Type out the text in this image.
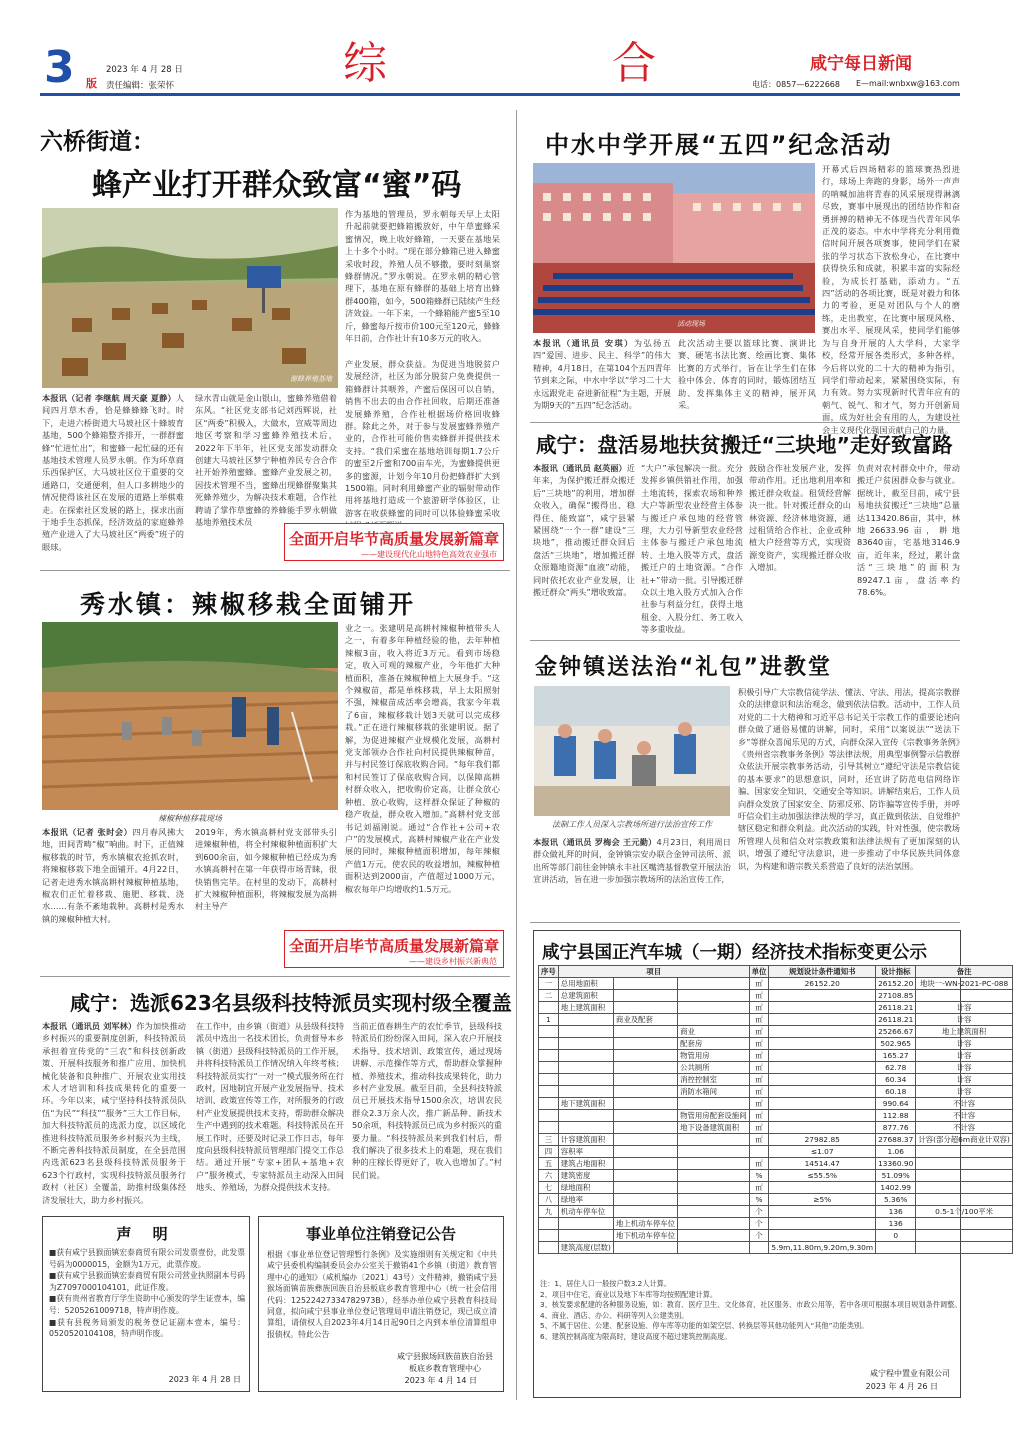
3 版
2023 年 4 月 28 日
责任编辑：张荣怀	综	合	咸宁每日新闻
电话：0857—6222668 E—mail:wnbxw@163.com
六桥街道：
蜂产业打开群众致富“蜜”码
谢蜂养殖基地
本报讯（记者 李继航 周天豪 夏静）人间四月草木香，恰是蜂蜂蜂飞时。时下，走进六桥街道大马坡社区十蜂坡育基地，500个蜂箱整齐排开，一群群蜜蜂“忙进忙出”，和蜜蜂一起忙碌的还有基地技术管理人员罗永朝。作为环草商乐西保护区，大马坡社区位于重要的交通路口，交通便利，但人口多耕地少的情况使得该社区在发展的道路上举棋难走。在探索社区发展的路上，探求出面于地手生态抓保，经济效益的家庭蜂养殖产业进入了大马坡社区“两委”班子的眼球。
绿水青山就是金山银山，蜜蜂养殖借着东风。“社区党支部书记刘西辉说，社区“两委”积极入，大做水，宣威等周边地区考察和学习蜜蜂养殖技术后，2022年下半年，社区党支部发动群众创建大马坡社区梦宁种植养民专合合作社开始养殖蜜蜂。蜜蜂产业发展之初，因技术管理不当，蜜蜂出现蜂群聚集其死蜂养殖少，为解决技术难题，合作社聘请了掌作草蜜蜂的养蜂能手罗永朝做基地养殖技术员
作为基地的管理员，罗永朝每天早上太阳升起前就要把蜂箱搬放好，中午草蜜蜂采蜜情况，晚上收好蜂箱，一天要在基地呆上十多个小时。“现在部分蜂箱已进入蜂蜜采收时段，养殖人员不够撒，要时刻巢察蜂群情况。”罗永朝说。在罗永朝的精心管理下，基地在原有蜂群的基础上培育出蜂群400箱，如今，500箱蜂群已陆续产生经济效益。一年下来，一个蜂箱能产蜜5至10斤，蜂蜜每斤按市价100元至120元，蜂蜂年日前，合作社计有10多万元的收入。
产业发展，群众获益。为促进当地脱贫户发展经济，社区为部分脱贫户免费提供一箱蜂群计其喂养，产蜜后保因可以自销，销售不出去的由合作社回收，后期还准备发展蜂养殖，合作社根据场价格回收蜂群。除此之外，对于参与发展蜜蜂养殖产业的，合作社可能价售卖蜂群并提供技术支持。“我们采蜜在基地培训每期1.7公斤的蜜至2斤蜜和700亩车光，为蜜蜂提供更多的蜜源，计划今年10月份把蜂群扩大到1500箱。同时利用蜂蜜产业的辐射带动作用将基地打造成一个旅游研学体验区，让游客在收获蜂蜜的同时可以体验蜂蜜采收
全面开启毕节高质量发展新篇章
——建设现代化山地特色高效农业强市
秀水镇：辣椒移栽全面铺开
辣椒种植移栽现场
本报讯（记者 张时会）四月春风拂大地，田间青畴“椒”响曲。时下，正值辣椒移栽的时节，秀水镇椒农抢抓农时，将辣椒移栽下地全面铺开。4月22日，记者走进秀水镇高耕村辣椒种植基地，椒农们正忙着移栽、施肥、移栽、浇水……有条不紊地栽种。高耕村是秀水镇的辣椒种植大村。
2019年，秀水镇高耕村党支部带头引进辣椒种植，将全村辣椒种植面积扩大到600余亩，如今辣椒种植已经成为秀水镇高耕村在第一年获得市场青睐，很快销售完毕。在村里的发动下，高耕村扩大辣椒种植面积，将辣椒发展为高耕村主导产
业之一。张建明是高耕村辣椒种植带头人之一，有着多年种植经验的他，去年种植辣椒3亩，收入将近3万元。看到市场稳定，收入可观的辣椒产业，今年他扩大种植面积，准备在辣椒种植上大展身手。“这个辣椒苗，都是单株移栽，早上太阳照射不强，辣椒苗成活率会增高，我家今年栽了6亩，辣椒移栽计划3天就可以完成移栽。”正在进行辣椒移栽的张建明说。据了解，为促进辣椒产业规模化发展，高耕村党支部领办合作社向村民提供辣椒种苗，并与村民签订保底收购合同。“每年我们都和村民签订了保底收购合同，以保障高耕村群众收入，把收购价定高，让群众放心种植、放心收购，这样群众保证了种椒的稳产收益，群众收入增加。”高耕村党支部书记刘福刚说。通过“合作社+公司+农户”的发展模式，高耕村辣椒产业在产业发展的同时，辣椒种植面积增加，每年辣椒产值1万元，使农民的收益增加，辣椒种植面积达到2000亩，产值超过1000万元，椒农每年户均增收约1.5万元。
全面开启毕节高质量发展新篇章
——建设乡村振兴新典范
咸宁：选派623名县级科技特派员实现村级全覆盖
本报讯（通讯员 刘军林）作为加快推动乡村振兴的重要制度创新，科技特派员承担着宣传党的“三农”和科技创新政策、开展科技服务和推广应用、加快机械化装备和良种推广、开展农业实用技术人才培训和科技成果转化的重要一环。今年以来，咸宁坚持科技特派员队伍“为民”“科技”“服务”三大工作目标，加大科技特派员的选派力度，以区域化推进科技特派员服务乡村振兴为主线，不断完善科技特派员制度，在全县范围内选派623名县级科技特派员服务于623个行政村，实现科技特派员服务行政村（社区）全覆盖，助推村级集体经济发展壮大，助力乡村振兴。
在工作中，由乡镇（街道）从县级科技特派员中选出一名技术团长，负责督导本乡镇（街道）县级科技特派员的工作开展，并将科技特派员工作情况纳入年终考核；科技特派员实行“一对一”模式服务所在行政村，因地制宜开展产业发展指导、技术培训、政策宣传等工作，对所服务的行政村产业发展提供技术支持，帮助群众解决生产中遇到的技术难题。科技特派员在开展工作时，还要及时记录工作日志，每年度向县级科技特派员管理部门提交工作总结。通过开展“专家+团队+基地+农户”服务模式，专家特派员主动深入田间地头、养殖场，为群众提供技术支持。
当前正值春耕生产的农忙季节，县级科技特派员们纷纷深入田间，深入农户开展技术指导、技术培训、政策宣传，通过现场讲解、示范操作等方式，帮助群众掌握种植、养殖技术，推动科技成果转化，助力乡村产业发展。截至目前，全县科技特派员已开展技术指导1500余次，培训农民群众2.3万余人次，推广新品种、新技术50余项，科技特派员已成为乡村振兴的重要力量。“科技特派员来到我们村后，帮我们解决了很多技术上的难题，现在我们种的庄稼长得更好了，收入也增加了。”村民们说。
声 明
■获有咸宁县猴面镇宏泰商贸有限公司发票壹份，此发票号码为0000015，金额为1万元，此票作废。
■获有咸宁县猴面镇宏泰商贸有限公司营业执照副本号码为Z7097000104101，此证作废。
■获有贵州省教育厅学生资助中心颁发的学生证壹本，编号：5205261009718，特声明作废。
■获有县税务局颁发的税务登记证副本壹本，编号：0520520104108，特声明作废。
2023 年 4 月 28 日
事业单位注销登记公告
根据《事业单位登记管理暂行条例》及实施细则有关规定和《中共咸宁县委机构编制委员会办公室关于撤销41个乡镇（街道）教育管理中心的通知》（咸机编办〔2021〕43号）文件精神，撤销咸宁县猴场面镇苗族彝族回族自治县板底乡教育管理中心（统一社会信用代码：12522427334782973B），经举办单位咸宁县教育科技局同意，拟向咸宁县事业单位登记管理局申请注销登记，现已成立清算组，请债权人自2023年4月14日起90日之内到本单位清算组申报债权。特此公告
咸宁县猴场回族苗族自治县
板底乡教育管理中心
2023 年 4 月 14 日
中水中学开展“五四”纪念活动
活动现场
本报讯（通讯员 安琪）为弘扬五四“爱国、进步、民主、科学”的伟大精神，4月18日，在第104个五四青年节到来之际，中水中学以“学习二十大 永远跟党走 奋进新征程”为主题，开展为期9天的“五四”纪念活动。
此次活动主要以篮球比赛、演讲比赛、硬笔书法比赛、绘画比赛、集体比赛的方式举行，旨在让学生们在体验中体会、体育的同时，锻炼团结互助、发挥集体主义的精神，展开风采。
开幕式后四场精彩的篮球赛热烈进行，球场上奔跑的身影，场外一声声的呐喊加油将青春的风采展现得淋漓尽致，赛事中展现出的团结协作和奋勇拼搏的精神无不体现当代青年风华正茂的姿态。中水中学将充分利用微信时间开展各项赛事，使同学们在紧张的学习状态下放松身心，在比赛中获得快乐和成就，积累丰富的实际经验，为成长打基础，添动力。“五四”活动的各项比赛，既是对毅力和体力的考验，更是对团队与个人的磨练，走出教室，在比赛中展现风格、赛出水平、展现风采，使同学们能够为与自身开展的人大学科，大家学校，经常开展各类形式，多种各样，今后将以党的二十大的精神为指引，同学们带动起来，紧紧围绕实际，有力有效。努力实现新时代青年应有的朝气、锐气、和才气，努力开创新局面，成为好社会有用的人，为建设社会主义现代化强国贡献自己的力量。
咸宁：盘活易地扶贫搬迁“三块地”走好致富路
本报讯（通讯员 赵英丽）近年来，为保护搬迁群众搬迁后“三块地”的利用，增加群众收入，确保“搬得出、稳得住、能致富”，咸宁县紧紧围绕“一个一群”建设“三块地”，推动搬迁群众回后盘活“三块地”，增加搬迁群众原籍地资源“血液”动能，同时依托农业产业发展，让搬迁群众“两头”增收致富。
“大户”承包解决一批。充分发挥乡镇供销社作用，加强土地流转，探索农场和种养大户等新型农业经营主体参与搬迁户承包地的经营管理，大力引导新型农业经营主体参与搬迁户承包地流转、土地入股等方式，盘活搬迁户的土地资源。“合作社+”带动一批。引导搬迁群众以土地入股方式加入合作社参与利益分红，获得土地租金、入股分红、务工收入等多重收益。
鼓励合作社发展产业，发挥带动作用。迁出地利用率和搬迁群众收益。租赁经营解决一批。针对搬迁群众的山林资源、经济林地资源，通过租赁给合作社、企业或种植大户经营等方式，实现资源变资产，实现搬迁群众收入增加。
负责对农村群众中介，带动搬迁户贫困群众参与就业。据统计，截至目前，咸宁县易地扶贫搬迁“三块地”总量达113420.86亩，其中，林地26633.96亩，耕地83640亩，宅基地3146.9亩，近年来，经过，累计盘活“三块地”的面积为89247.1亩，盘活率约78.6%。
金钟镇送法治“礼包”进教堂
法制工作人员深入宗教场所进行法治宣传工作
本报讯（通讯员 罗梅会 王元勤）4月23日，利用周日群众做礼拜的时间，金钟镇宗安办联合金钟司法所、派出所等部门前往金钟镇永丰社区嘴湾基督教堂开展法治宣讲活动，旨在进一步加强宗教场所的法治宣传工作，
积极引导广大宗教信徒学法、懂法、守法、用法，提高宗教群众的法律意识和法治观念，做到依法信教。活动中，工作人员对党的二十大精神和习近平总书记关于宗教工作的重要论述向群众做了通俗易懂的讲解，同时，采用“以案说法”“送法下乡”等群众喜闻乐见的方式，向群众深入宣传《宗教事务条例》《贵州省宗教事务条例》等法律法规，用典型事例警示信教群众依法开展宗教事务活动，引导其树立“遵纪守法是宗教信徒的基本要求”的思想意识，同时，还宣讲了防范电信网络诈骗、国家安全知识、交通安全等知识。讲解结束后，工作人员向群众发放了国家安全、防邪反邪、防诈骗等宣传手册，并呼吁信众们主动加强法律法规的学习，真正做到依法、自觉维护辖区稳定和群众利益。此次活动的实践，针对性强，使宗教场所管理人员和信众对宗教政策和法律法规有了更加深刻的认识，增强了遵纪守法意识，进一步推动了中华民族共同体意识，为构建和谐宗教关系营造了良好的法治氛围。
咸宁县国正汽车城（一期）经济技术指标变更公示
序号	项目			单位	规划设计条件通知书	设计指标	备注
一	总用地面积			㎡	26152.20	26152.20	地块一-WN-2021-PC-088
二	总建筑面积			㎡		27108.85	
	地上建筑面积			㎡		26118.21	计容
1		商业及配套		㎡		26118.21	计容
			商业	㎡		25266.67	地上建筑面积
			配套房	㎡		502.965	计容
			物管用房	㎡		165.27	计容
			公共厕所	㎡		62.78	计容
			消控控制室	㎡		60.34	计容
			消防水箱间	㎡		60.18	计容
	地下建筑面积			㎡		990.64	不计容
			物管用房配套设施间	㎡		112.88	不计容
			地下设备建筑面积	㎡		877.76	不计容
三	计容建筑面积			㎡	27982.85	27688.37	计容(部分超6m商业计双容)
四	容积率				≤1.07	1.06	
五	建筑占地面积			㎡	14514.47	13360.90	
六	建筑密度			%	≤55.5%	51.09%	
七	绿地面积			㎡		1402.99	
八	绿地率			%	≥5%	5.36%	
九	机动车停车位			个		136	0.5-1个/100平米
		地上机动车停车位		个		136	
		地下机动车停车位		个		0	
	建筑高度(层数)				5.9m,11.80m,9.20m,9.30m		
注：1、居住人口一般按户数3.2人计算。
2、项目中住宅、商业以及地下车库等均按照配建计算。
3、核发要求配建的各种服务设施，如：教育、医疗卫生、文化体育、社区服务、市政公用等，若中各项可根据本项目规划条件调整。
4、商业、酒店、办公、科研等列入公建类别。
5、不属于居住、公建、配套设施、停车库等功能的如架空层、转换层等其他功能列入“其他”功能类别。
6、建筑控制高度为限高时，建设高度不超过建筑控制高度。
咸宁程中置业有限公司
2023 年 4 月 26 日
